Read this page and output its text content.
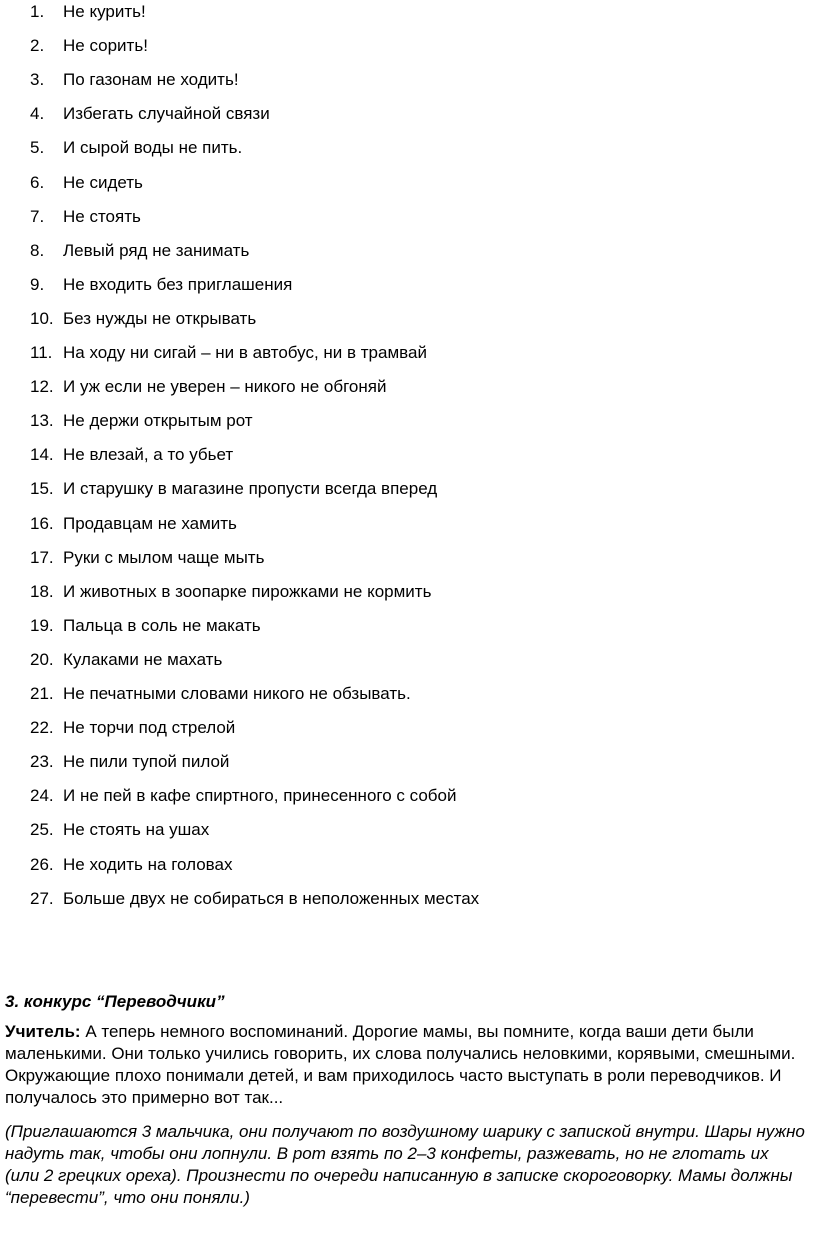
1. Не курить!
2. Не сорить!
3. По газонам не ходить!
4. Избегать случайной связи
5. И сырой воды не пить.
6. Не сидеть
7. Не стоять
8. Левый ряд не занимать
9. Не входить без приглашения
10. Без нужды не открывать
11. На ходу ни сигай – ни в автобус, ни в трамвай
12. И уж если не уверен – никого не обгоняй
13. Не держи открытым рот
14. Не влезай, а то убьет
15. И старушку в магазине пропусти всегда вперед
16. Продавцам не хамить
17. Руки с мылом чаще мыть
18. И животных в зоопарке пирожками не кормить
19. Пальца в соль не макать
20. Кулаками не махать
21. Не печатными словами никого не обзывать.
22. Не торчи под стрелой
23. Не пили тупой пилой
24. И не пей в кафе спиртного, принесенного с собой
25. Не стоять на ушах
26. Не ходить на головах
27. Больше двух не собираться в неположенных местах
3. конкурс “Переводчики”

Учитель: А теперь немного воспоминаний. Дорогие мамы, вы помните, когда ваши дети были маленькими. Они только учились говорить, их слова получались неловкими, корявыми, смешными. Окружающие плохо понимали детей, и вам приходилось часто выступать в роли переводчиков. И получалось это примерно вот так...

(Приглашаются 3 мальчика, они получают по воздушному шарику с запиской внутри. Шары нужно надуть так, чтобы они лопнули. В рот взять по 2–3 конфеты, разжевать, но не глотать их (или 2 грецких ореха). Произнести по очереди написанную в записке скороговорку. Мамы должны “перевести”, что они поняли.)
